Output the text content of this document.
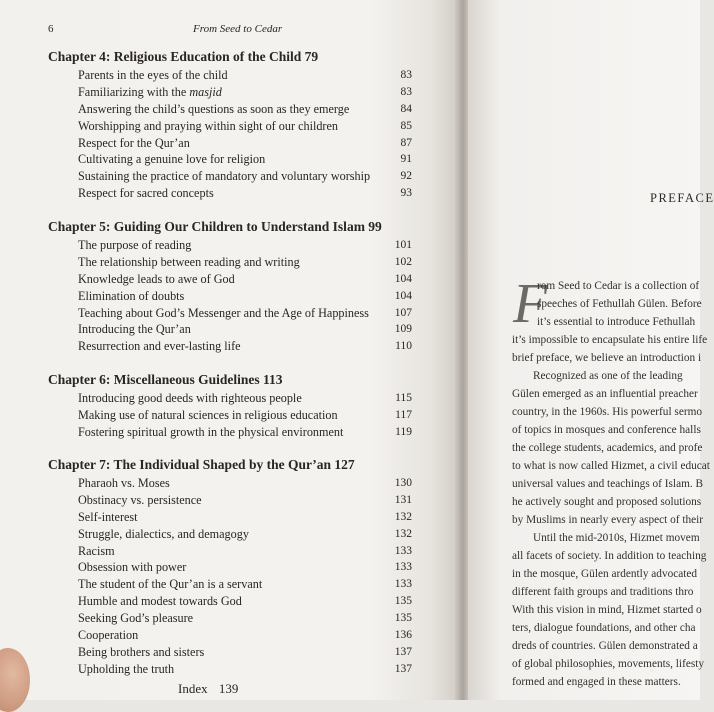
6	From Seed to Cedar
Chapter 4: Religious Education of the Child 79
Parents in the eyes of the child	83
Familiarizing with the masjid	83
Answering the child’s questions as soon as they emerge	84
Worshipping and praying within sight of our children	85
Respect for the Qur’an	87
Cultivating a genuine love for religion	91
Sustaining the practice of mandatory and voluntary worship	92
Respect for sacred concepts	93
Chapter 5: Guiding Our Children to Understand Islam 99
The purpose of reading	101
The relationship between reading and writing	102
Knowledge leads to awe of God	104
Elimination of doubts	104
Teaching about God’s Messenger and the Age of Happiness 107
Introducing the Qur’an	109
Resurrection and ever-lasting life	110
Chapter 6: Miscellaneous Guidelines 113
Introducing good deeds with righteous people	115
Making use of natural sciences in religious education	117
Fostering spiritual growth in the physical environment	119
Chapter 7: The Individual Shaped by the Qur’an 127
Pharaoh vs. Moses	130
Obstinacy vs. persistence	131
Self-interest	132
Struggle, dialectics, and demagogy	132
Racism	133
Obsession with power	133
The student of the Qur’an is a servant	133
Humble and modest towards God	135
Seeking God’s pleasure	135
Cooperation	136
Being brothers and sisters	137
Upholding the truth	137
Index 139
PREFACE
F
rom Seed to Cedar is a collection of
speeches of Fethullah Gülen. Before
it’s essential to introduce Fethullah
it’s impossible to encapsulate his entire life
brief preface, we believe an introduction i
Recognized as one of the leading
Gülen emerged as an influential preacher
country, in the 1960s. His powerful sermo
of topics in mosques and conference halls
the college students, academics, and profe
to what is now called Hizmet, a civil educat
universal values and teachings of Islam. B
he actively sought and proposed solutions
by Muslims in nearly every aspect of their
Until the mid-2010s, Hizmet movem
all facets of society. In addition to teaching
in the mosque, Gülen ardently advocated
different faith groups and traditions thro
With this vision in mind, Hizmet started o
ters, dialogue foundations, and other cha
dreds of countries. Gülen demonstrated a
of global philosophies, movements, lifesty
formed and engaged in these matters.
